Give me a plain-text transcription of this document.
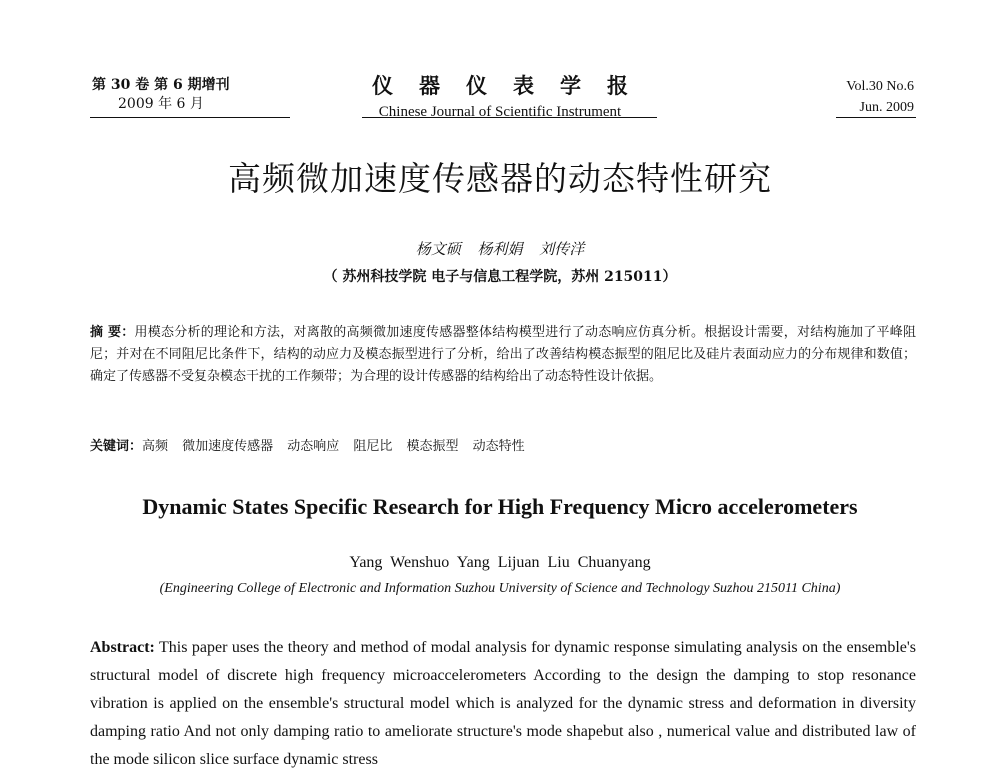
第 30 卷 第 6 期增刊
2009 年 6 月
仪器仪表学报
Chinese Journal of Scientific Instrument
Vol.30 No.6
Jun. 2009
高频微加速度传感器的动态特性研究
杨文硕 杨利娟 刘传洋
（ 苏州科技学院 电子与信息工程学院，苏州 215011）
摘 要：用模态分析的理论和方法，对离散的高频微加速度传感器整体结构模型进行了动态响应仿真分析。根据设计需要，对结构施加了平峰阻尼；并对在不同阻尼比条件下，结构的动应力及模态振型进行了分析，给出了改善结构模态振型的阻尼比及硅片表面动应力的分布规律和数值；确定了传感器不受复杂模态干扰的工作频带；为合理的设计传感器的结构给出了动态特性设计依据。
关键词：高频 微加速度传感器 动态响应 阻尼比 模态振型 动态特性
Dynamic States Specific Research for High Frequency Micro accelerometers
Yang Wenshuo Yang Lijuan Liu Chuanyang
(Engineering College of Electronic and Information Suzhou University of Science and Technology Suzhou 215011 China)
Abstract: This paper uses the theory and method of modal analysis for dynamic response simulating analysis on the ensemble's structural model of discrete high frequency microaccelerometers According to the design the damping to stop resonance vibration is applied on the ensemble's structural model which is analyzed for the dynamic stress and deformation in diversity damping ratio And not only damping ratio to ameliorate structure's mode shapebut also , numerical value and distributed law of the mode silicon slice surface dynamic stress
